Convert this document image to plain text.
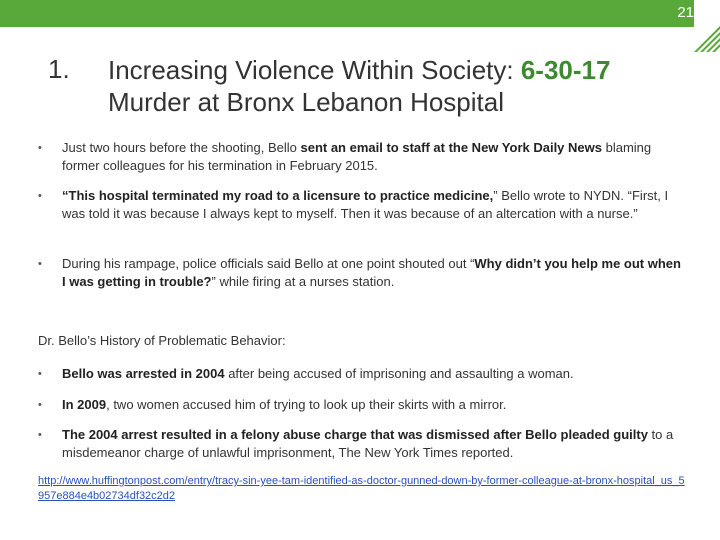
21
1. Increasing Violence Within Society: 6-30-17
Murder at Bronx Lebanon Hospital
• Just two hours before the shooting, Bello sent an email to staff at the New York Daily News blaming former colleagues for his termination in February 2015.
• “This hospital terminated my road to a licensure to practice medicine,” Bello wrote to NYDN. “First, I was told it was because I always kept to myself. Then it was because of an altercation with a nurse.”
• During his rampage, police officials said Bello at one point shouted out “Why didn’t you help me out when I was getting in trouble?” while firing at a nurses station.
Dr. Bello’s History of Problematic Behavior:
• Bello was arrested in 2004 after being accused of imprisoning and assaulting a woman.
• In 2009, two women accused him of trying to look up their skirts with a mirror.
• The 2004 arrest resulted in a felony abuse charge that was dismissed after Bello pleaded guilty to a misdemeanor charge of unlawful imprisonment, The New York Times reported.
http://www.huffingtonpost.com/entry/tracy-sin-yee-tam-identified-as-doctor-gunned-down-by-former-colleague-at-bronx-hospital_us_5957e884e4b02734df32c2d2
